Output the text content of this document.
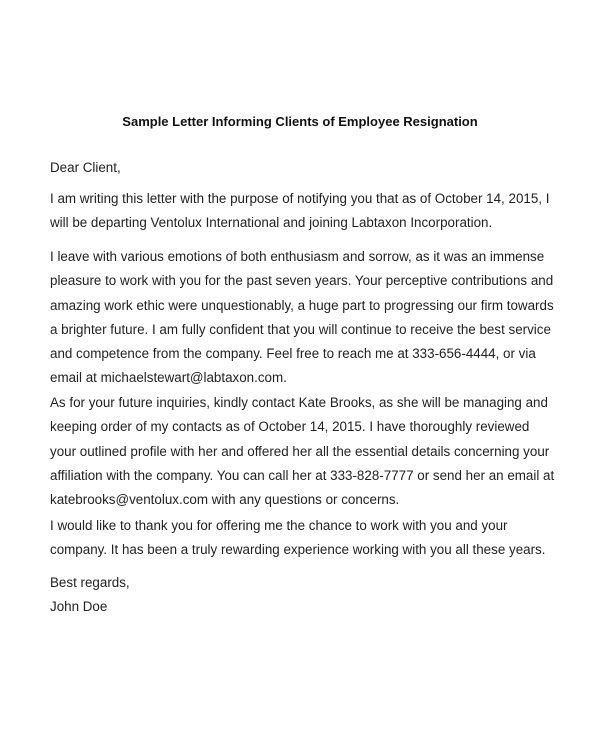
Sample Letter Informing Clients of Employee Resignation

Dear Client,

I am writing this letter with the purpose of notifying you that as of October 14, 2015, I
will be departing Ventolux International and joining Labtaxon Incorporation.

I leave with various emotions of both enthusiasm and sorrow, as it was an immense
pleasure to work with you for the past seven years. Your perceptive contributions and
amazing work ethic were unquestionably, a huge part to progressing our firm towards
a brighter future. I am fully confident that you will continue to receive the best service
and competence from the company. Feel free to reach me at 333-656-4444, or via
email at michaelstewart@labtaxon.com.

As for your future inquiries, kindly contact Kate Brooks, as she will be managing and
keeping order of my contacts as of October 14, 2015. I have thoroughly reviewed
your outlined profile with her and offered her all the essential details concerning your
affiliation with the company. You can call her at 333-828-7777 or send her an email at
katebrooks@ventolux.com with any questions or concerns.

I would like to thank you for offering me the chance to work with you and your
company. It has been a truly rewarding experience working with you all these years.

Best regards,
John Doe
